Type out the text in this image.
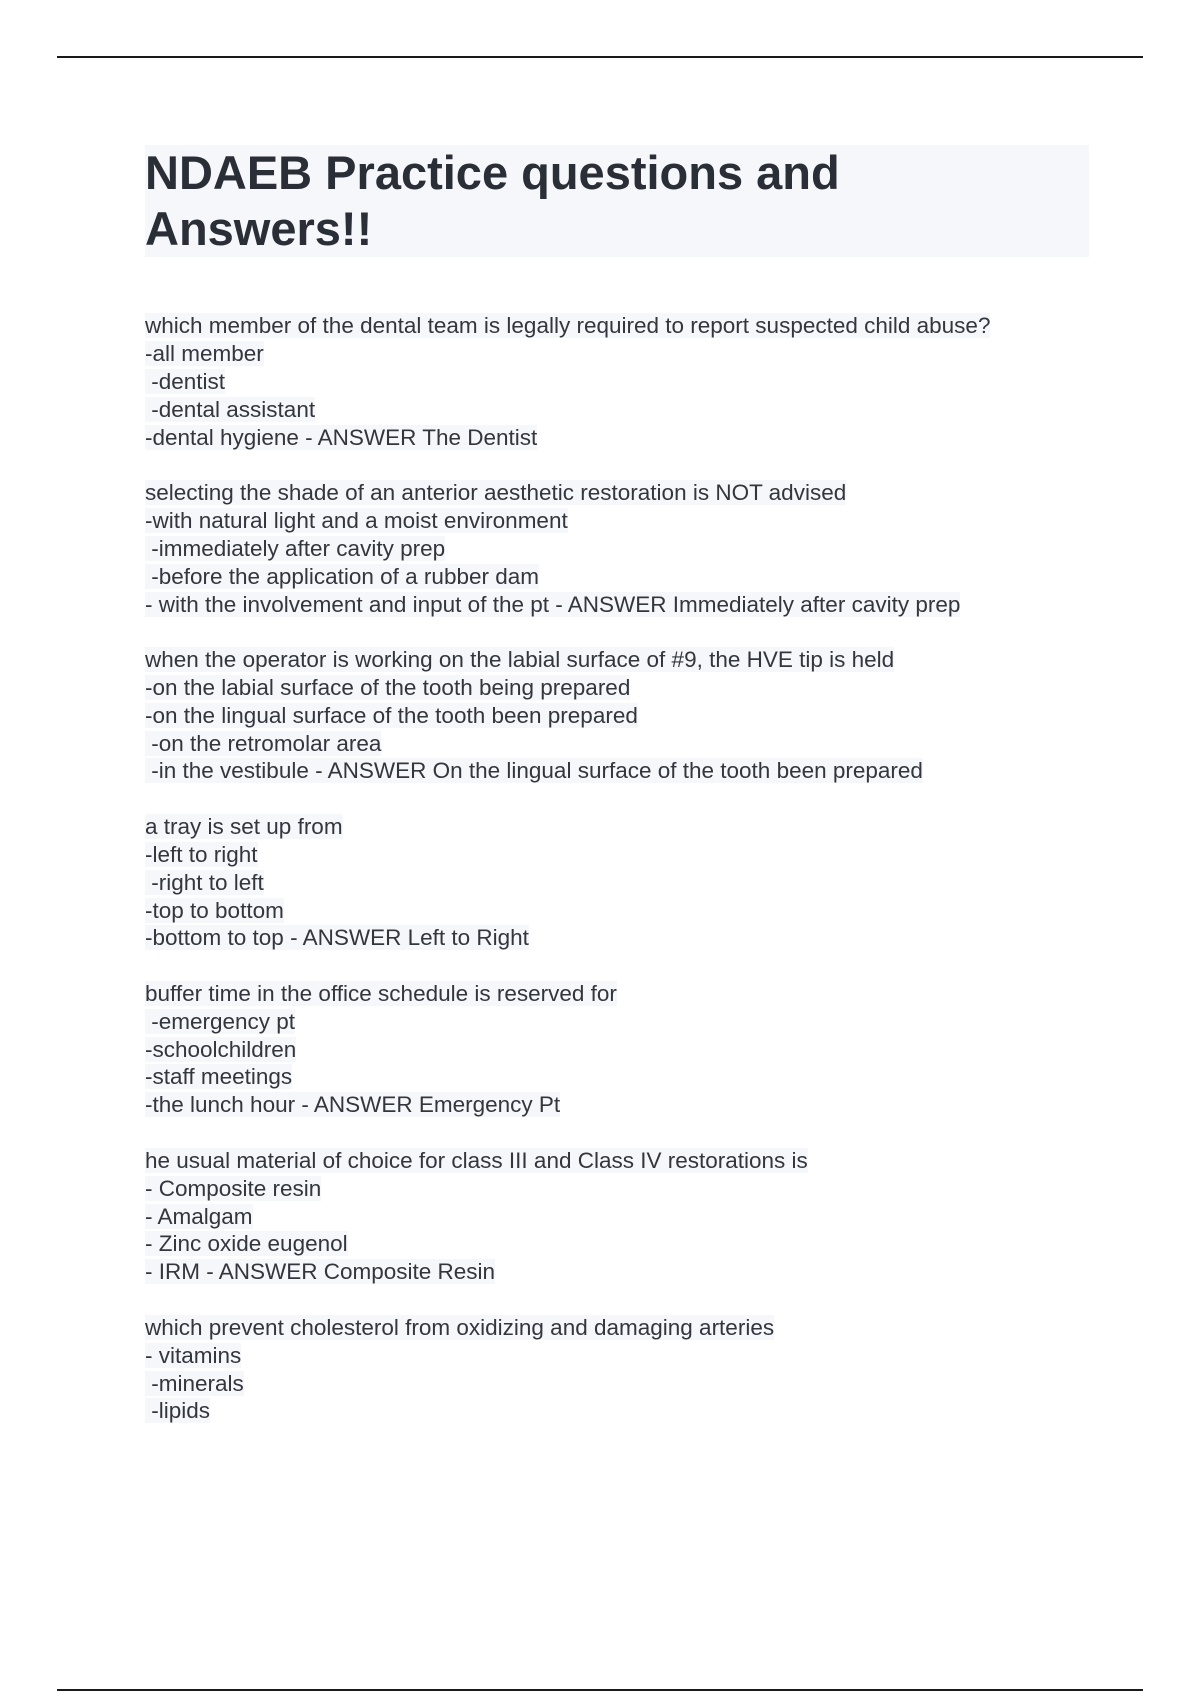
NDAEB Practice questions and
Answers!!
which member of the dental team is legally required to report suspected child abuse?
-all member
-dentist
-dental assistant
-dental hygiene - ANSWER The Dentist
selecting the shade of an anterior aesthetic restoration is NOT advised
-with natural light and a moist environment
-immediately after cavity prep
-before the application of a rubber dam
- with the involvement and input of the pt - ANSWER Immediately after cavity prep
when the operator is working on the labial surface of #9, the HVE tip is held
-on the labial surface of the tooth being prepared
-on the lingual surface of the tooth been prepared
-on the retromolar area
-in the vestibule - ANSWER On the lingual surface of the tooth been prepared
a tray is set up from
-left to right
-right to left
-top to bottom
-bottom to top - ANSWER Left to Right
buffer time in the office schedule is reserved for
-emergency pt
-schoolchildren
-staff meetings
-the lunch hour - ANSWER Emergency Pt
he usual material of choice for class III and Class IV restorations is
- Composite resin
- Amalgam
- Zinc oxide eugenol
- IRM - ANSWER Composite Resin
which prevent cholesterol from oxidizing and damaging arteries
- vitamins
-minerals
-lipids
